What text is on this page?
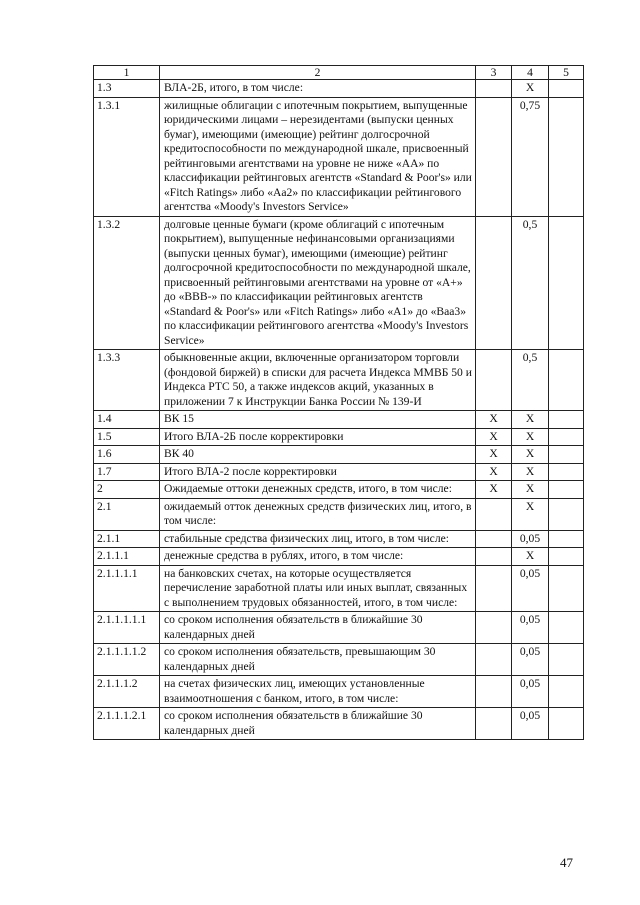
1	2	3	4	5
1.3	ВЛА-2Б, итого, в том числе:		X	
1.3.1	жилищные облигации с ипотечным покрытием, выпущенные юридическими лицами – нерезидентами (выпуски ценных бумаг), имеющими (имеющие) рейтинг долгосрочной кредитоспособности по международной шкале, присвоенный рейтинговыми агентствами на уровне не ниже «АА» по классификации рейтинговых агентств «Standard & Poor's» или «Fitch Ratings» либо «Aa2» по классификации рейтингового агентства «Moody's Investors Service»		0,75	
1.3.2	долговые ценные бумаги (кроме облигаций с ипотечным покрытием), выпущенные нефинансовыми организациями (выпуски ценных бумаг), имеющими (имеющие) рейтинг долгосрочной кредитоспособности по международной шкале, присвоенный рейтинговыми агентствами на уровне от «А+» до «ВВВ-» по классификации рейтинговых агентств «Standard & Poor's» или «Fitch Ratings» либо «А1» до «Ваа3» по классификации рейтингового агентства «Moody's Investors Service»		0,5	
1.3.3	обыкновенные акции, включенные организатором торговли (фондовой биржей) в списки для расчета Индекса ММВБ 50 и Индекса РТС 50, а также индексов акций, указанных в приложении 7 к Инструкции Банка России № 139-И		0,5	
1.4	ВК 15	X	X	
1.5	Итого ВЛА-2Б после корректировки	X	X	
1.6	ВК 40	X	X	
1.7	Итого ВЛА-2 после корректировки	X	X	
2	Ожидаемые оттоки денежных средств, итого, в том числе:	X	X	
2.1	ожидаемый отток денежных средств физических лиц, итого, в том числе:		X	
2.1.1	стабильные средства физических лиц, итого, в том числе:		0,05	
2.1.1.1	денежные средства в рублях, итого, в том числе:		X	
2.1.1.1.1	на банковских счетах, на которые осуществляется перечисление заработной платы или иных выплат, связанных с выполнением трудовых обязанностей, итого, в том числе:		0,05	
2.1.1.1.1.1	со сроком исполнения обязательств в ближайшие 30 календарных дней		0,05	
2.1.1.1.1.2	со сроком исполнения обязательств, превышающим 30 календарных дней		0,05	
2.1.1.1.2	на счетах физических лиц, имеющих установленные взаимоотношения с банком, итого, в том числе:		0,05	
2.1.1.1.2.1	со сроком исполнения обязательств в ближайшие 30 календарных дней		0,05	
47
